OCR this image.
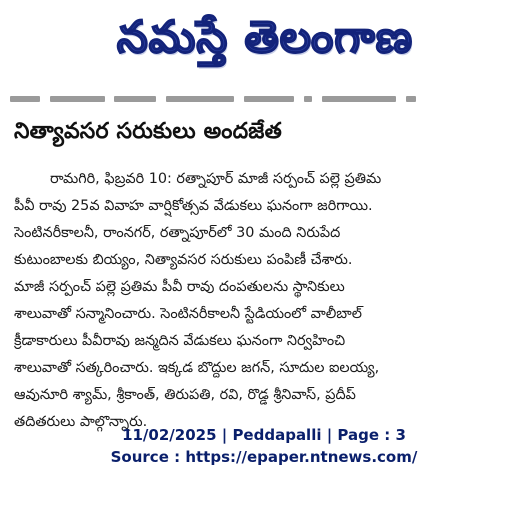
నమస్తే తెలంగాణ
నిత్యావసర సరుకులు అందజేత
రామగిరి, ఫిబ్రవరి 10: రత్నాపూర్ మాజీ సర్పంచ్ పల్లె ప్రతిమ
పీవీ రావు 25వ వివాహ వార్షికోత్సవ వేడుకలు ఘనంగా జరిగాయి.
సెంటినరీకాలనీ, రాంనగర్, రత్నాపూర్‌లో 30 మంది నిరుపేద
కుటుంబాలకు బియ్యం, నిత్యావసర సరుకులు పంపిణీ చేశారు.
మాజీ సర్పంచ్ పల్లె ప్రతిమ పీవీ రావు దంపతులను స్థానికులు
శాలువాతో సన్మానించారు. సెంటినరీకాలనీ స్టేడియంలో వాలీబాల్
క్రీడాకారులు పీవీరావు జన్మదిన వేడుకలు ఘనంగా నిర్వహించి
శాలువాతో సత్కరించారు. ఇక్కడ బొద్దుల జగన్, సూదుల ఐలయ్య,
ఆవునూరి శ్యామ్, శ్రీకాంత్, తిరుపతి, రవి, రొడ్డ శ్రీనివాస్, ప్రదీప్
తదితరులు పాల్గొన్నారు.
11/02/2025 | Peddapalli | Page : 3
Source : https://epaper.ntnews.com/
